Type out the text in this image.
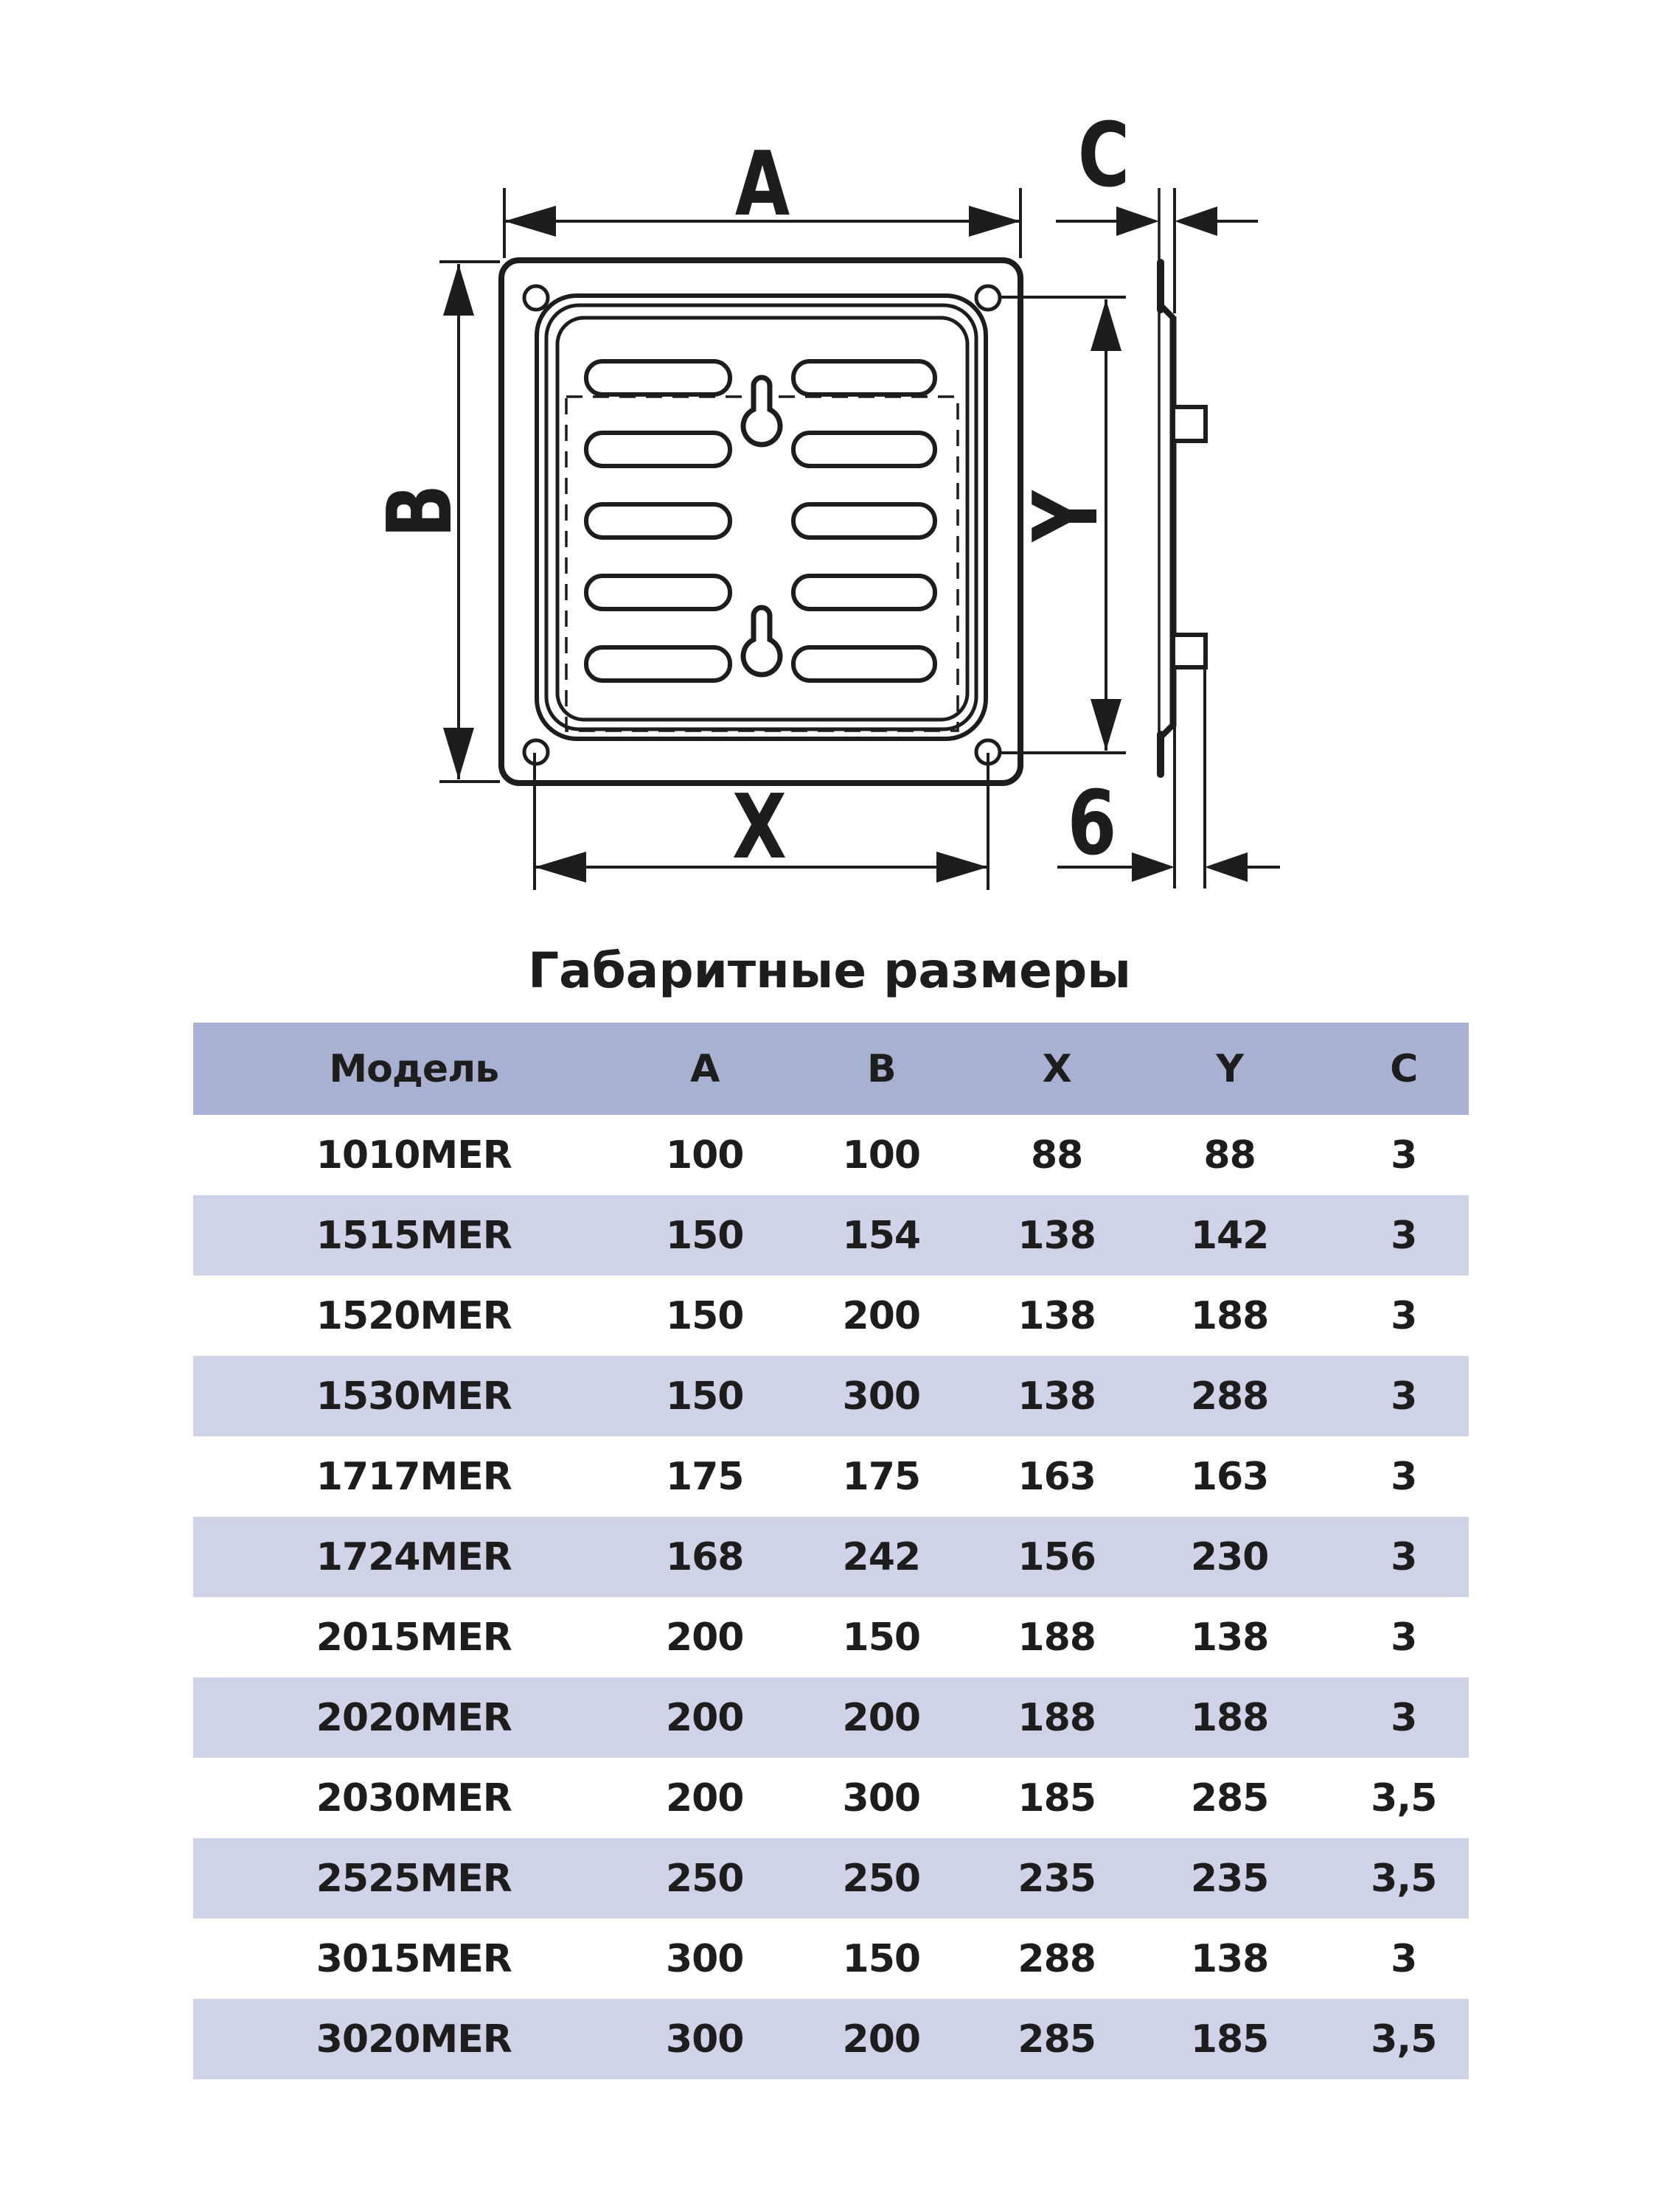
A
B
X
Y
C
6
Габаритные размеры
Модель	A	B	X	Y	C
1010MER	100	100	88	88	3
1515MER	150	154	138	142	3
1520MER	150	200	138	188	3
1530MER	150	300	138	288	3
1717MER	175	175	163	163	3
1724MER	168	242	156	230	3
2015MER	200	150	188	138	3
2020MER	200	200	188	188	3
2030MER	200	300	185	285	3,5
2525MER	250	250	235	235	3,5
3015MER	300	150	288	138	3
3020MER	300	200	285	185	3,5
